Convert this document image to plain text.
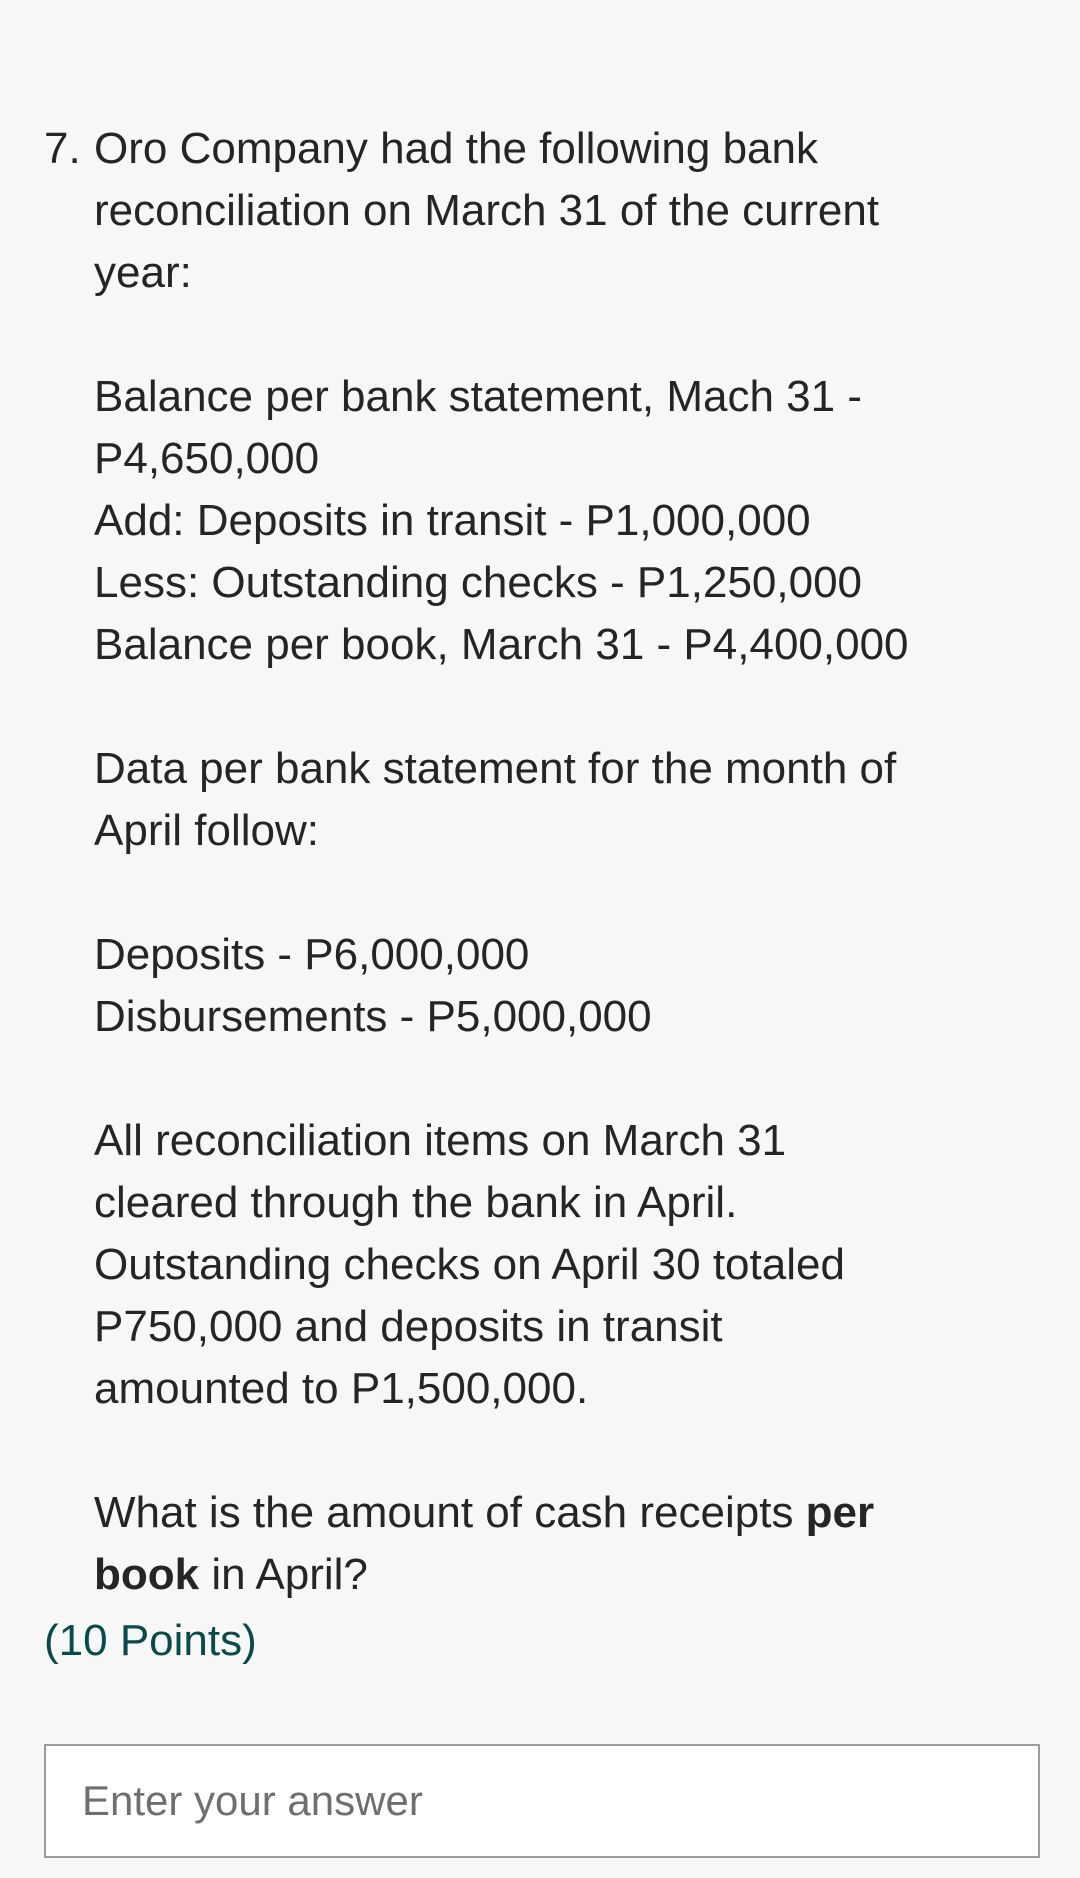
7. Oro Company had the following bank

reconciliation on March 31 of the current

year:

Balance per bank statement, Mach 31 -

P4,650,000

Add: Deposits in transit - P1,000,000

Less: Outstanding checks - P1,250,000

Balance per book, March 31 - P4,400,000

Data per bank statement for the month of

April follow:

Deposits - P6,000,000

Disbursements - P5,000,000

All reconciliation items on March 31

cleared through the bank in April.

Outstanding checks on April 30 totaled

P750,000 and deposits in transit

amounted to P1,500,000.

What is the amount of cash receipts per

book in April?

(10 Points)
Enter your answer
